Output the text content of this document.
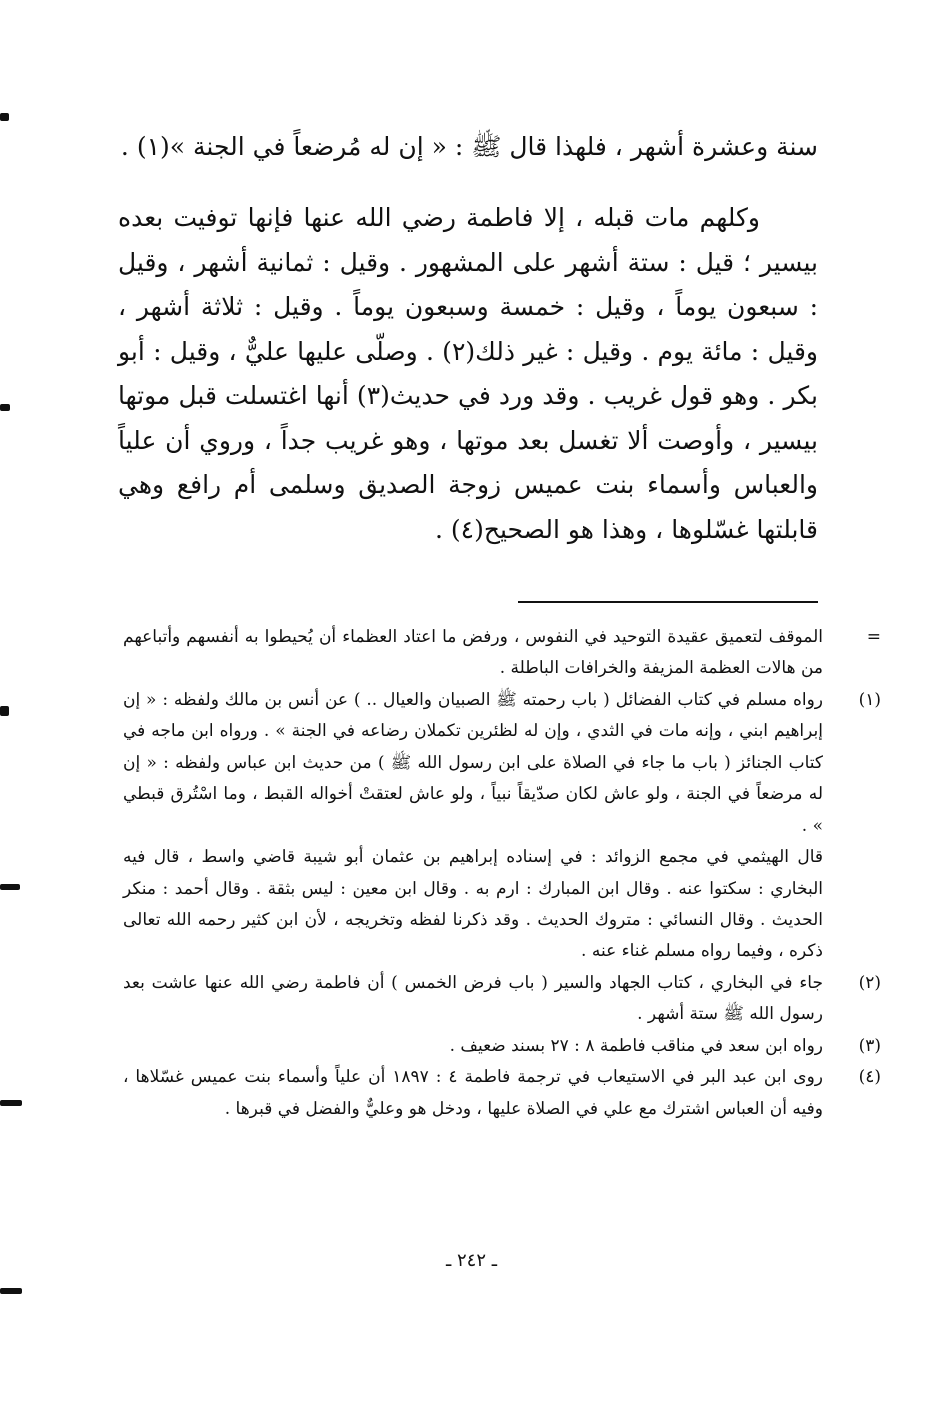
سنة وعشرة أشهر ، فلهذا قال ﷺ : « إن له مُرضعاً في الجنة »(١) .
وكلهم مات قبله ، إلا فاطمة رضي الله عنها فإنها توفيت بعده بيسير ؛ قيل : ستة أشهر على المشهور . وقيل : ثمانية أشهر ، وقيل : سبعون يوماً ، وقيل : خمسة وسبعون يوماً . وقيل : ثلاثة أشهر ، وقيل : مائة يوم . وقيل : غير ذلك(٢) . وصلّى عليها عليٌّ ، وقيل : أبو بكر . وهو قول غريب . وقد ورد في حديث(٣) أنها اغتسلت قبل موتها بيسير ، وأوصت ألا تغسل بعد موتها ، وهو غريب جداً ، وروي أن علياً والعباس وأسماء بنت عميس زوجة الصديق وسلمى أم رافع وهي قابلتها غسّلوها ، وهذا هو الصحيح(٤) .
=
الموقف لتعميق عقيدة التوحيد في النفوس ، ورفض ما اعتاد العظماء أن يُحيطوا به أنفسهم وأتباعهم من هالات العظمة المزيفة والخرافات الباطلة .
(١)
رواه مسلم في كتاب الفضائل ( باب رحمته ﷺ الصبيان والعيال .. ) عن أنس بن مالك ولفظه : « إن إبراهيم ابني ، وإنه مات في الثدي ، وإن له لظئرين تكملان رضاعه في الجنة » . ورواه ابن ماجه في كتاب الجنائز ( باب ما جاء في الصلاة على ابن رسول الله ﷺ ) من حديث ابن عباس ولفظه : « إن له مرضعاً في الجنة ، ولو عاش لكان صدّيقاً نبياً ، ولو عاش لعتقتْ أخواله القبط ، وما اسْتُرق قبطي » .
قال الهيثمي في مجمع الزوائد : في إسناده إبراهيم بن عثمان أبو شيبة قاضي واسط ، قال فيه البخاري : سكتوا عنه . وقال ابن المبارك : ارم به . وقال ابن معين : ليس بثقة . وقال أحمد : منكر الحديث . وقال النسائي : متروك الحديث . وقد ذكرنا لفظه وتخريجه ، لأن ابن كثير رحمه الله تعالى ذكره ، وفيما رواه مسلم غناء عنه .
(٢)
جاء في البخاري ، كتاب الجهاد والسير ( باب فرض الخمس ) أن فاطمة رضي الله عنها عاشت بعد رسول الله ﷺ ستة أشهر .
(٣)
رواه ابن سعد في مناقب فاطمة ٨ : ٢٧ بسند ضعيف .
(٤)
روى ابن عبد البر في الاستيعاب في ترجمة فاطمة ٤ : ١٨٩٧ أن علياً وأسماء بنت عميس غسّلاها ، وفيه أن العباس اشترك مع علي في الصلاة عليها ، ودخل هو وعليٌّ والفضل في قبرها .
ـ ٢٤٢ ـ
